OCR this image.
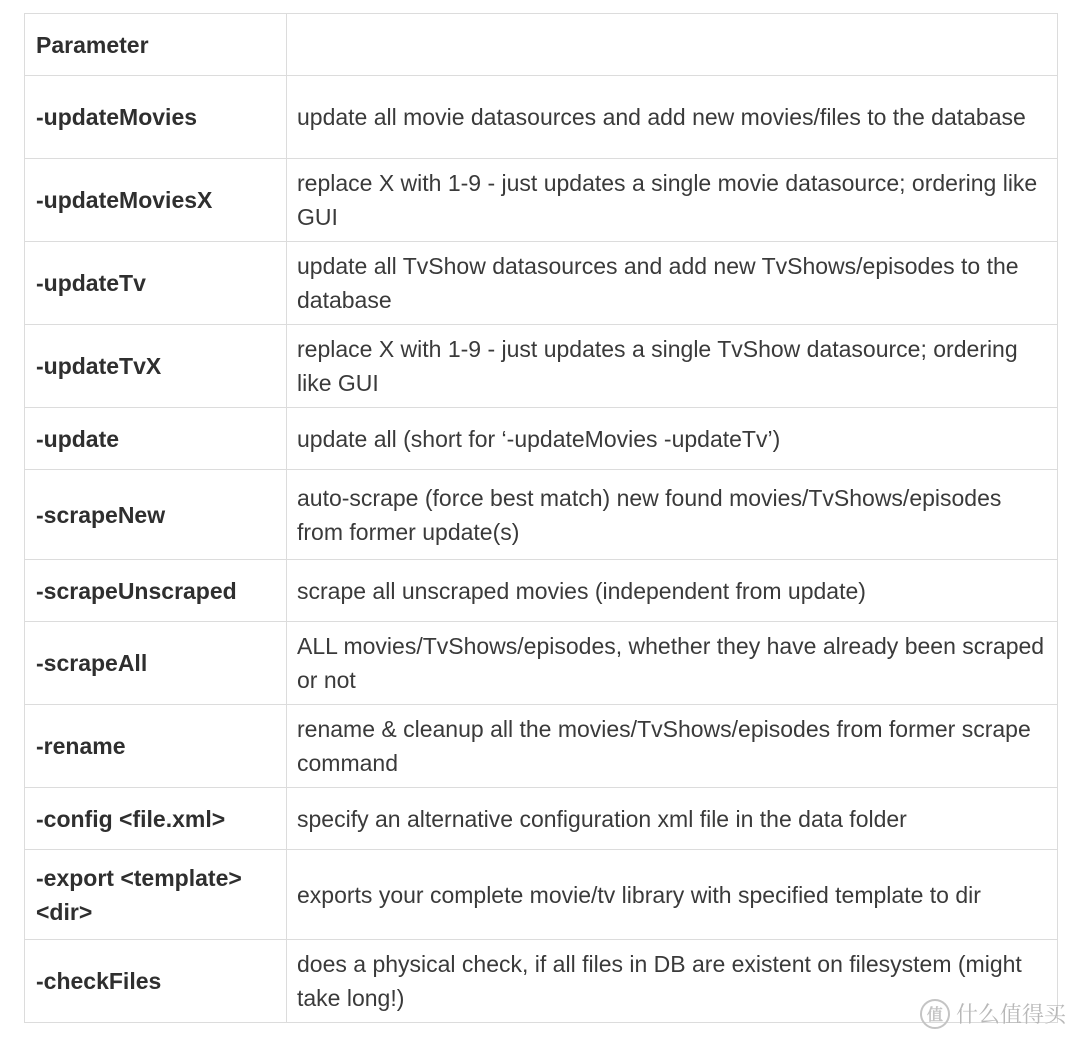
Parameter	
-updateMovies	update all movie datasources and add new movies/files to the database
-updateMoviesX	replace X with 1-9 - just updates a single movie datasource; ordering like GUI
-updateTv	update all TvShow datasources and add new TvShows/episodes to the database
-updateTvX	replace X with 1-9 - just updates a single TvShow datasource; ordering like GUI
-update	update all (short for ‘-updateMovies -updateTv’)
-scrapeNew	auto-scrape (force best match) new found movies/TvShows/episodes from former update(s)
-scrapeUnscraped	scrape all unscraped movies (independent from update)
-scrapeAll	ALL movies/TvShows/episodes, whether they have already been scraped or not
-rename	rename & cleanup all the movies/TvShows/episodes from former scrape command
-config <file.xml>	specify an alternative configuration xml file in the data folder
-export <template> <dir>	exports your complete movie/tv library with specified template to dir
-checkFiles	does a physical check, if all files in DB are existent on filesystem (might take long!)
值 什么值得买
